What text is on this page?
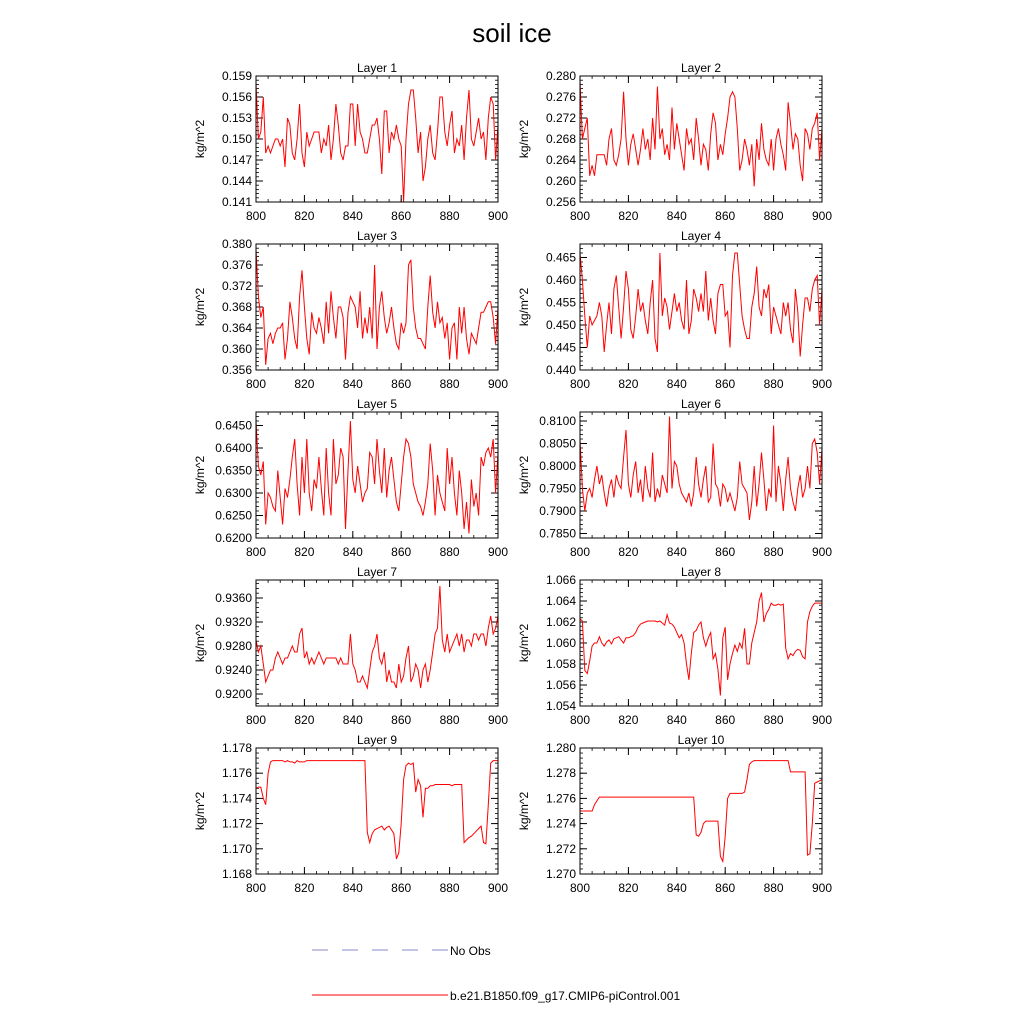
soil ice
800 820 840 860 880 900
0.141
0.144
0.147
0.150
0.153
0.156
0.159
Layer 1
kg/m^2
800 820 840 860 880 900
0.256
0.260
0.264
0.268
0.272
0.276
0.280
Layer 2
kg/m^2
800 820 840 860 880 900
0.356
0.360
0.364
0.368
0.372
0.376
0.380
Layer 3
kg/m^2
800 820 840 860 880 900
0.440
0.445
0.450
0.455
0.460
0.465
Layer 4
kg/m^2
800 820 840 860 880 900
0.6200
0.6250
0.6300
0.6350
0.6400
0.6450
Layer 5
kg/m^2
800 820 840 860 880 900
0.7850
0.7900
0.7950
0.8000
0.8050
0.8100
Layer 6
kg/m^2
800 820 840 860 880 900
0.9200
0.9240
0.9280
0.9320
0.9360
Layer 7
kg/m^2
800 820 840 860 880 900
1.054
1.056
1.058
1.060
1.062
1.064
1.066
Layer 8
kg/m^2
800 820 840 860 880 900
1.168
1.170
1.172
1.174
1.176
1.178
Layer 9
kg/m^2
800 820 840 860 880 900
1.270
1.272
1.274
1.276
1.278
1.280
Layer 10
kg/m^2
No Obs
b.e21.B1850.f09_g17.CMIP6-piControl.001
